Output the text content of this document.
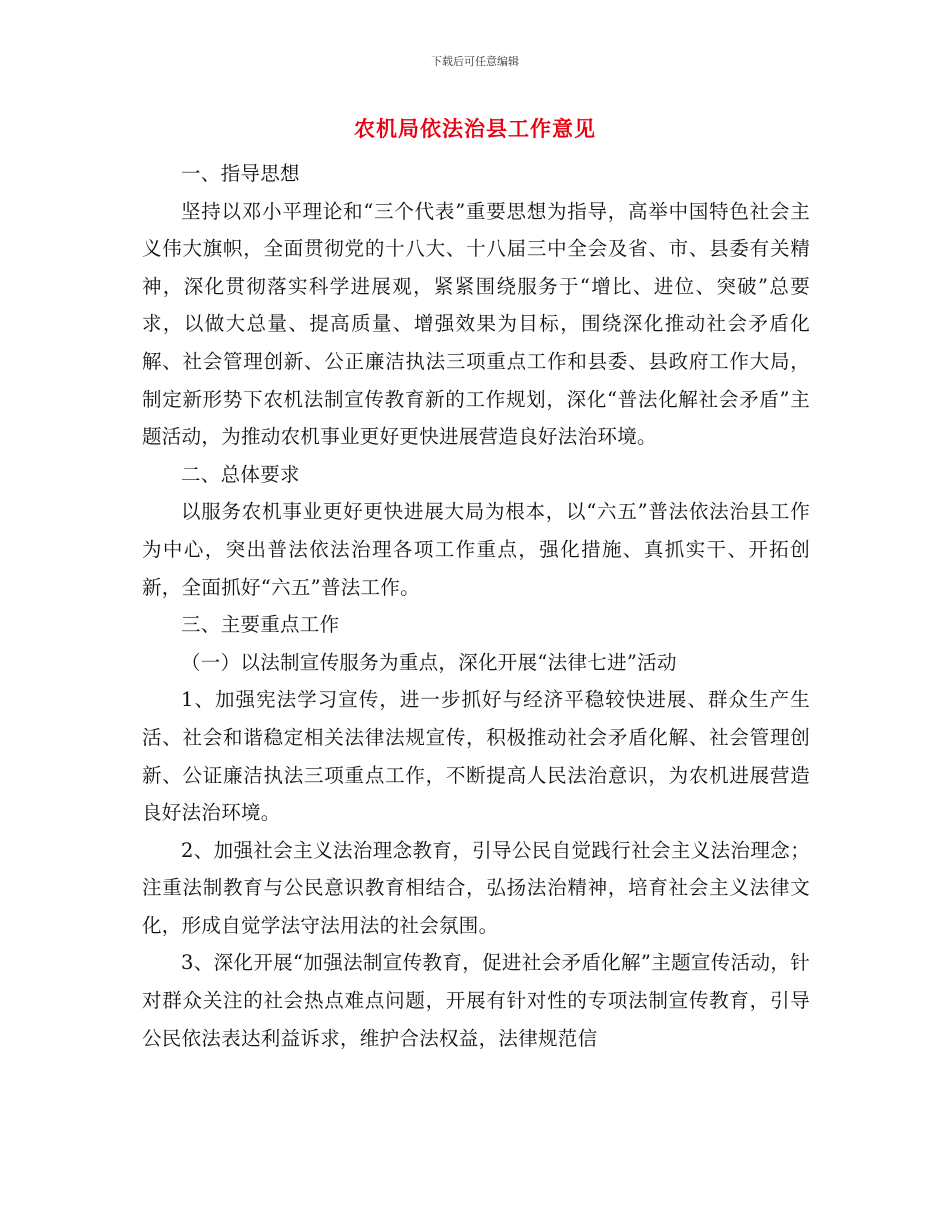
下载后可任意编辑
农机局依法治县工作意见

一、指导思想

坚持以邓小平理论和“三个代表”重要思想为指导，高举中国特色社会主义伟大旗帜，全面贯彻党的十八大、十八届三中全会及省、市、县委有关精神，深化贯彻落实科学进展观，紧紧围绕服务于“增比、进位、突破”总要求，以做大总量、提高质量、增强效果为目标，围绕深化推动社会矛盾化解、社会管理创新、公正廉洁执法三项重点工作和县委、县政府工作大局，制定新形势下农机法制宣传教育新的工作规划，深化“普法化解社会矛盾”主题活动，为推动农机事业更好更快进展营造良好法治环境。

二、总体要求

以服务农机事业更好更快进展大局为根本，以“六五”普法依法治县工作为中心，突出普法依法治理各项工作重点，强化措施、真抓实干、开拓创新，全面抓好“六五”普法工作。

三、主要重点工作

（一）以法制宣传服务为重点，深化开展“法律七进”活动

1、加强宪法学习宣传，进一步抓好与经济平稳较快进展、群众生产生活、社会和谐稳定相关法律法规宣传，积极推动社会矛盾化解、社会管理创新、公证廉洁执法三项重点工作，不断提高人民法治意识，为农机进展营造良好法治环境。

2、加强社会主义法治理念教育，引导公民自觉践行社会主义法治理念；注重法制教育与公民意识教育相结合，弘扬法治精神，培育社会主义法律文化，形成自觉学法守法用法的社会氛围。

3、深化开展“加强法制宣传教育，促进社会矛盾化解”主题宣传活动，针对群众关注的社会热点难点问题，开展有针对性的专项法制宣传教育，引导公民依法表达利益诉求，维护合法权益，法律规范信
